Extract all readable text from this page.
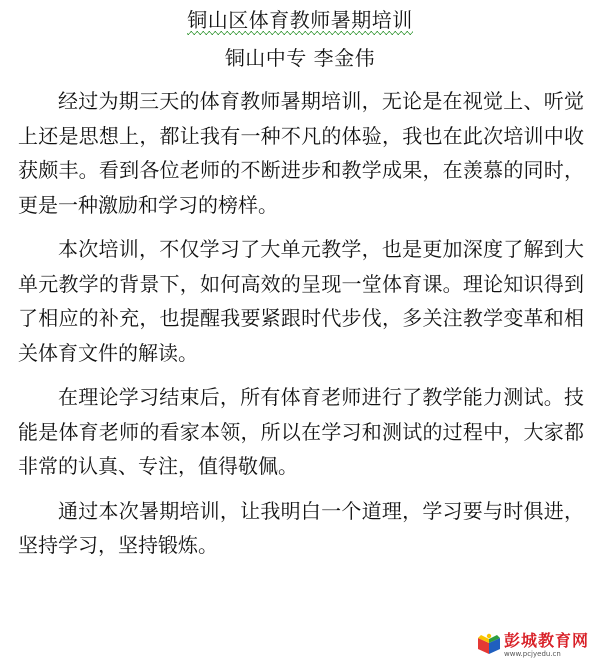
铜山区体育教师暑期培训
铜山中专 李金伟

经过为期三天的体育教师暑期培训，无论是在视觉上、听觉上还是思想上，都让我有一种不凡的体验，我也在此次培训中收获颇丰。看到各位老师的不断进步和教学成果，在羡慕的同时，更是一种激励和学习的榜样。

本次培训，不仅学习了大单元教学，也是更加深度了解到大单元教学的背景下，如何高效的呈现一堂体育课。理论知识得到了相应的补充，也提醒我要紧跟时代步伐，多关注教学变革和相关体育文件的解读。

在理论学习结束后，所有体育老师进行了教学能力测试。技能是体育老师的看家本领，所以在学习和测试的过程中，大家都非常的认真、专注，值得敬佩。

通过本次暑期培训，让我明白一个道理，学习要与时俱进，坚持学习，坚持锻炼。

彭城教育网
www.pcjyedu.cn
